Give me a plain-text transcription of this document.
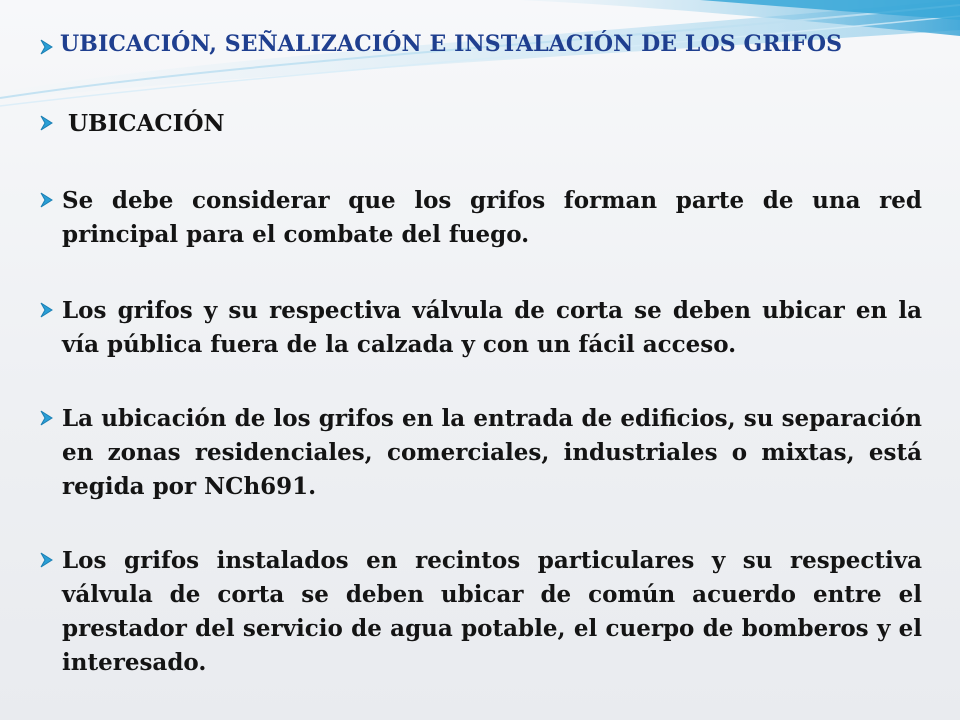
UBICACIÓN, SEÑALIZACIÓN E INSTALACIÓN DE LOS GRIFOS
UBICACIÓN
Se debe considerar que los grifos forman parte de una red principal para el combate del fuego.
Los grifos y su respectiva válvula de corta se deben ubicar en la vía pública fuera de la calzada y con un fácil acceso.
La ubicación de los grifos en la entrada de edificios, su separación en zonas residenciales, comerciales, industriales o mixtas, está regida por NCh691.
Los grifos instalados en recintos particulares y su respectiva válvula de corta se deben ubicar de común acuerdo entre el prestador del servicio de agua potable, el cuerpo de bomberos y el interesado.
